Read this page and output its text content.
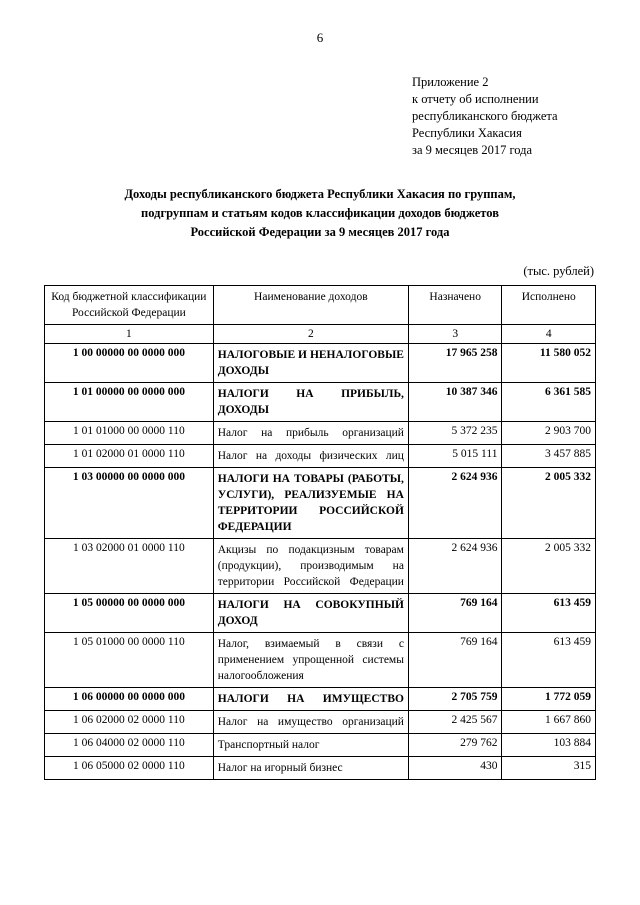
6
Приложение 2
к отчету об исполнении
республиканского бюджета
Республики Хакасия
за 9 месяцев 2017 года
Доходы республиканского бюджета Республики Хакасия по группам,
подгруппам и статьям кодов классификации доходов бюджетов
Российской Федерации за 9 месяцев 2017 года
(тыс. рублей)
Код бюджетной классификации Российской Федерации	Наименование доходов	Назначено	Исполнено
1	2	3	4
1 00 00000 00 0000 000	НАЛОГОВЫЕ И НЕНАЛОГОВЫЕ ДОХОДЫ	17 965 258	11 580 052
1 01 00000 00 0000 000	НАЛОГИ НА ПРИБЫЛЬ, ДОХОДЫ	10 387 346	6 361 585
1 01 01000 00 0000 110	Налог на прибыль организаций	5 372 235	2 903 700
1 01 02000 01 0000 110	Налог на доходы физических лиц	5 015 111	3 457 885
1 03 00000 00 0000 000	НАЛОГИ НА ТОВАРЫ (РАБОТЫ, УСЛУГИ), РЕАЛИЗУЕМЫЕ НА ТЕРРИТОРИИ РОССИЙСКОЙ ФЕДЕРАЦИИ	2 624 936	2 005 332
1 03 02000 01 0000 110	Акцизы по подакцизным товарам (продукции), производимым на территории Российской Федерации	2 624 936	2 005 332
1 05 00000 00 0000 000	НАЛОГИ НА СОВОКУПНЫЙ ДОХОД	769 164	613 459
1 05 01000 00 0000 110	Налог, взимаемый в связи с применением упрощенной системы налогообложения	769 164	613 459
1 06 00000 00 0000 000	НАЛОГИ НА ИМУЩЕСТВО	2 705 759	1 772 059
1 06 02000 02 0000 110	Налог на имущество организаций	2 425 567	1 667 860
1 06 04000 02 0000 110	Транспортный налог	279 762	103 884
1 06 05000 02 0000 110	Налог на игорный бизнес	430	315
